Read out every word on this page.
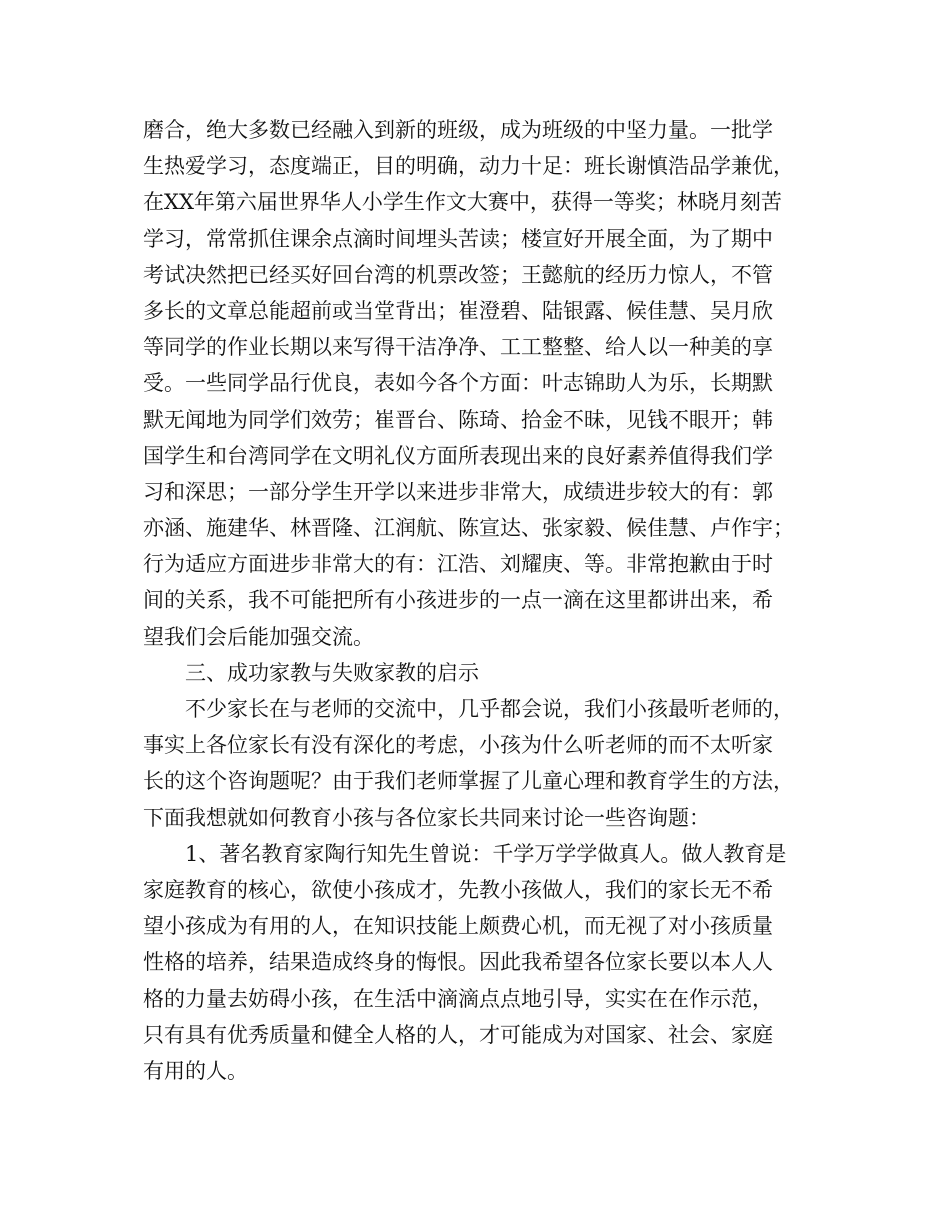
磨合，绝大多数已经融入到新的班级，成为班级的中坚力量。一批学
生热爱学习，态度端正，目的明确，动力十足：班长谢慎浩品学兼优，
在XX年第六届世界华人小学生作文大赛中，获得一等奖；林晓月刻苦
学习，常常抓住课余点滴时间埋头苦读；楼宣好开展全面，为了期中
考试决然把已经买好回台湾的机票改签；王懿航的经历力惊人，不管
多长的文章总能超前或当堂背出；崔澄碧、陆银露、候佳慧、吴月欣
等同学的作业长期以来写得干洁净净、工工整整、给人以一种美的享
受。一些同学品行优良，表如今各个方面：叶志锦助人为乐，长期默
默无闻地为同学们效劳；崔晋台、陈琦、拾金不昧，见钱不眼开；韩
国学生和台湾同学在文明礼仪方面所表现出来的良好素养值得我们学
习和深思；一部分学生开学以来进步非常大，成绩进步较大的有：郭
亦涵、施建华、林晋隆、江润航、陈宣达、张家毅、候佳慧、卢作宇；
行为适应方面进步非常大的有：江浩、刘耀庚、等。非常抱歉由于时
间的关系，我不可能把所有小孩进步的一点一滴在这里都讲出来，希
望我们会后能加强交流。
三、成功家教与失败家教的启示
不少家长在与老师的交流中，几乎都会说，我们小孩最听老师的，
事实上各位家长有没有深化的考虑，小孩为什么听老师的而不太听家
长的这个咨询题呢？由于我们老师掌握了儿童心理和教育学生的方法，
下面我想就如何教育小孩与各位家长共同来讨论一些咨询题：
1、著名教育家陶行知先生曾说：千学万学学做真人。做人教育是
家庭教育的核心，欲使小孩成才，先教小孩做人，我们的家长无不希
望小孩成为有用的人，在知识技能上颇费心机，而无视了对小孩质量
性格的培养，结果造成终身的悔恨。因此我希望各位家长要以本人人
格的力量去妨碍小孩，在生活中滴滴点点地引导，实实在在作示范，
只有具有优秀质量和健全人格的人，才可能成为对国家、社会、家庭
有用的人。
